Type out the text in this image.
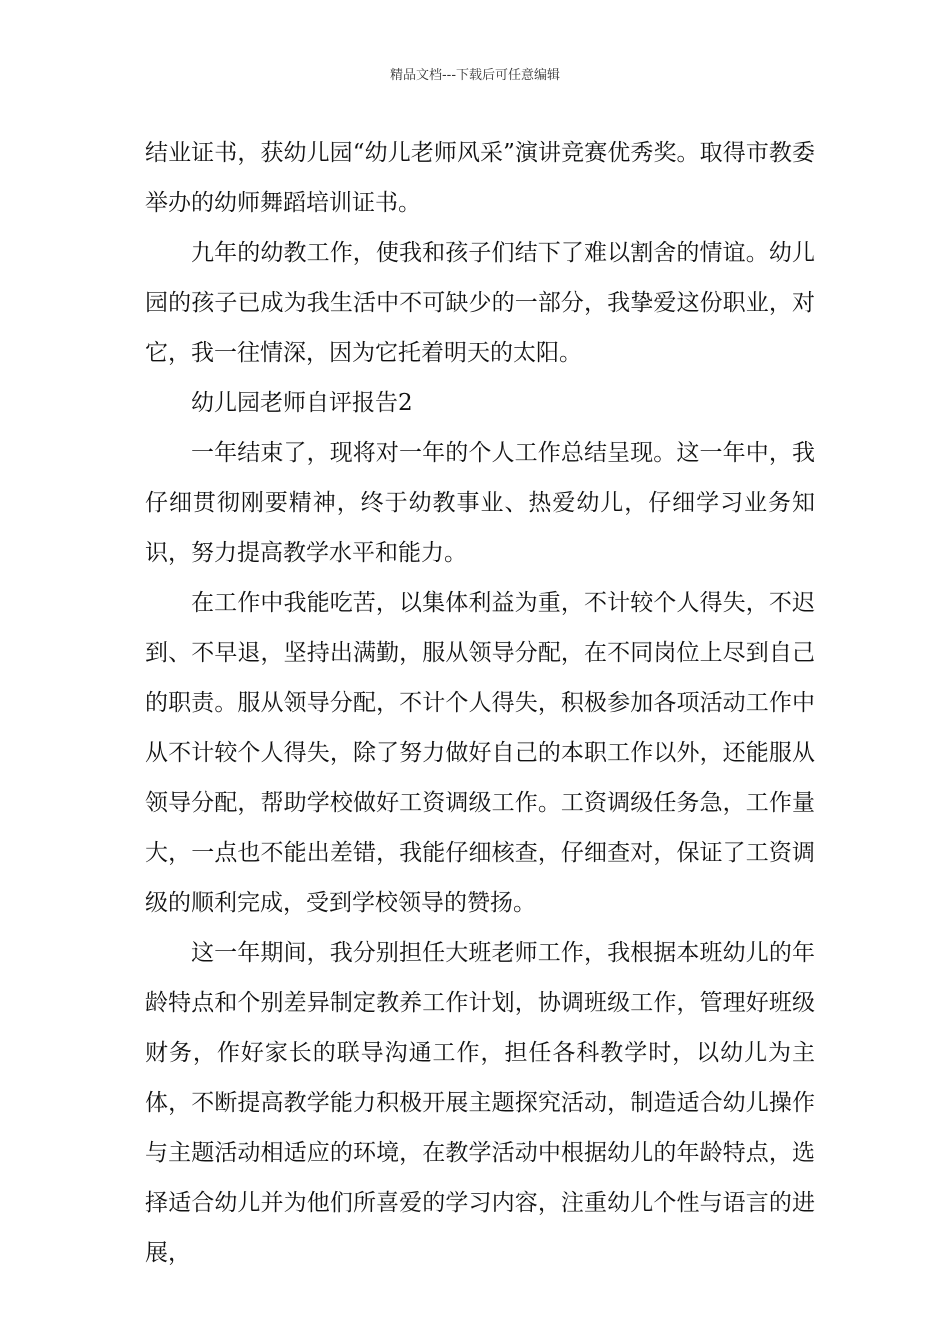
精品文档---下载后可任意编辑

结业证书，获幼儿园“幼儿老师风采”演讲竞赛优秀奖。取得市教委举办的幼师舞蹈培训证书。

九年的幼教工作，使我和孩子们结下了难以割舍的情谊。幼儿园的孩子已成为我生活中不可缺少的一部分，我挚爱这份职业，对它，我一往情深，因为它托着明天的太阳。

幼儿园老师自评报告2

一年结束了，现将对一年的个人工作总结呈现。这一年中，我仔细贯彻刚要精神，终于幼教事业、热爱幼儿，仔细学习业务知识，努力提高教学水平和能力。

在工作中我能吃苦，以集体利益为重，不计较个人得失，不迟到、不早退，坚持出满勤，服从领导分配，在不同岗位上尽到自己的职责。服从领导分配，不计个人得失，积极参加各项活动工作中从不计较个人得失，除了努力做好自己的本职工作以外，还能服从领导分配，帮助学校做好工资调级工作。工资调级任务急，工作量大，一点也不能出差错，我能仔细核查，仔细查对，保证了工资调级的顺利完成，受到学校领导的赞扬。

这一年期间，我分别担任大班老师工作，我根据本班幼儿的年龄特点和个别差异制定教养工作计划，协调班级工作，管理好班级财务，作好家长的联导沟通工作，担任各科教学时，以幼儿为主体，不断提高教学能力积极开展主题探究活动，制造适合幼儿操作与主题活动相适应的环境，在教学活动中根据幼儿的年龄特点，选择适合幼儿并为他们所喜爱的学习内容，注重幼儿个性与语言的进展，
